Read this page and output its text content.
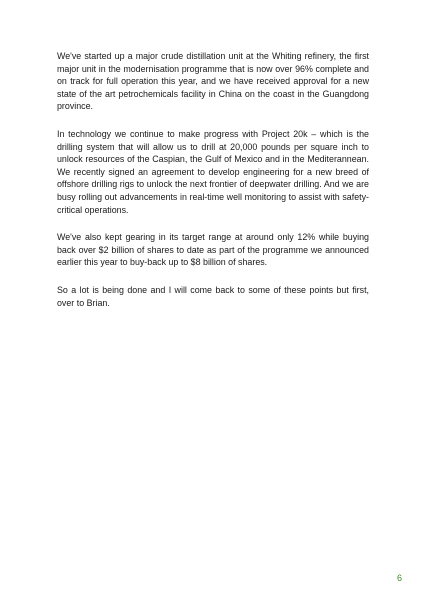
We've started up a major crude distillation unit at the Whiting refinery, the first major unit in the modernisation programme that is now over 96% complete and on track for full operation this year, and we have received approval for a new state of the art petrochemicals facility in China on the coast in the Guangdong province.

In technology we continue to make progress with Project 20k – which is the drilling system that will allow us to drill at 20,000 pounds per square inch to unlock resources of the Caspian, the Gulf of Mexico and in the Mediterannean. We recently signed an agreement to develop engineering for a new breed of offshore drilling rigs to unlock the next frontier of deepwater drilling. And we are busy rolling out advancements in real-time well monitoring to assist with safety-critical operations.

We've also kept gearing in its target range at around only 12% while buying back over $2 billion of shares to date as part of the programme we announced earlier this year to buy-back up to $8 billion of shares.

So a lot is being done and I will come back to some of these points but first, over to Brian.

6
